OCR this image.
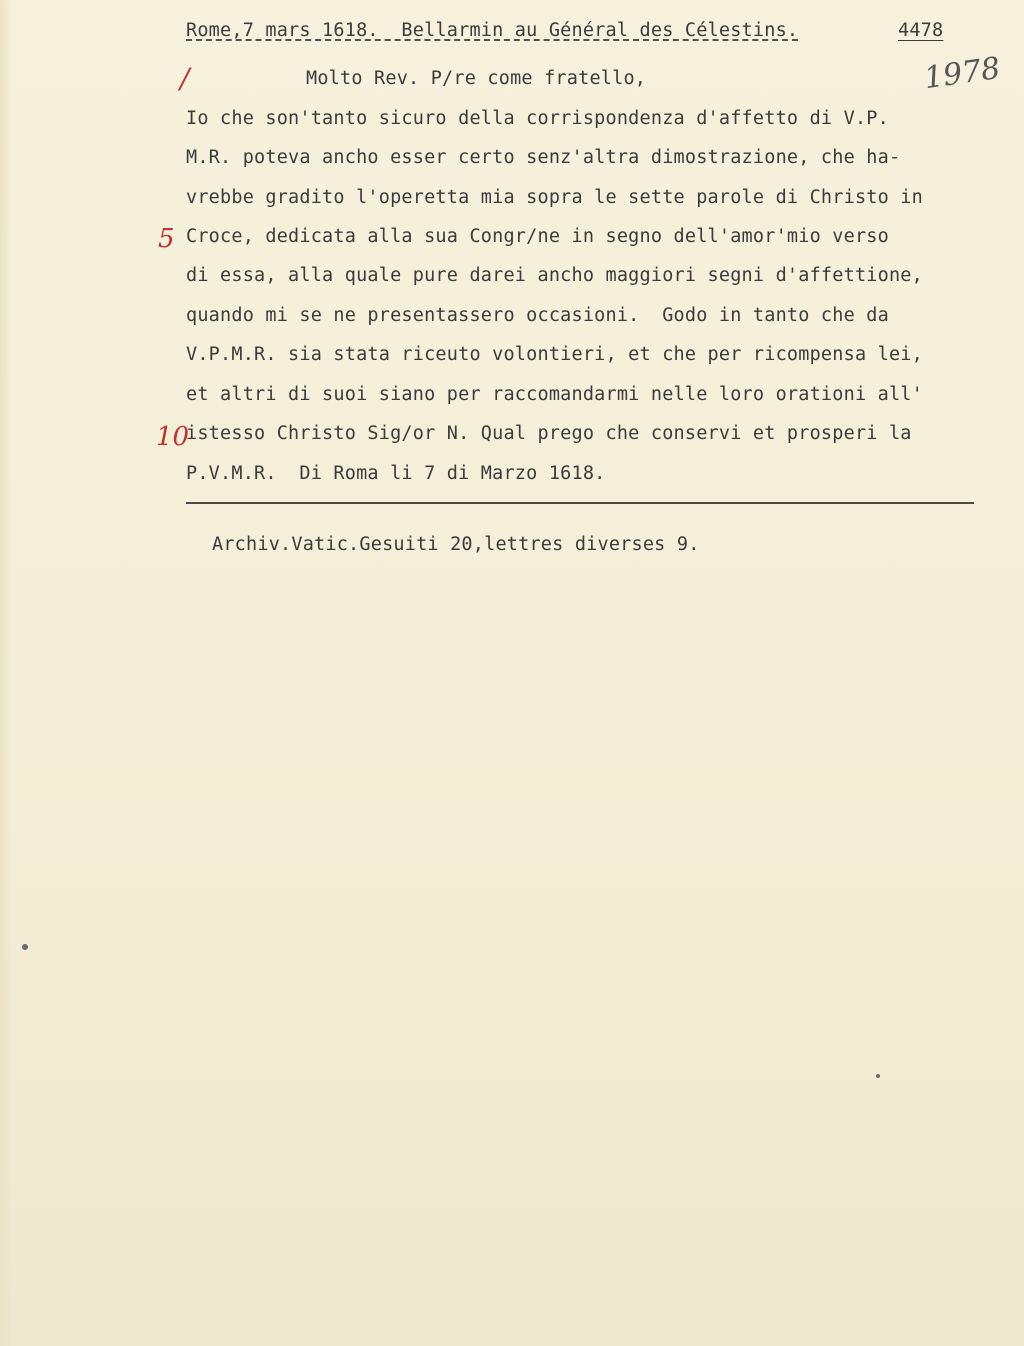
Rome,7 mars 1618.  Bellarmin au Général des Célestins.	4478
1978
/
5
10
Molto Rev. P/re come fratello,
Io che son'tanto sicuro della corrispondenza d'affetto di V.P.
M.R. poteva ancho esser certo senz'altra dimostrazione, che ha-
vrebbe gradito l'operetta mia sopra le sette parole di Christo in
Croce, dedicata alla sua Congr/ne in segno dell'amor'mio verso
di essa, alla quale pure darei ancho maggiori segni d'affettione,
quando mi se ne presentassero occasioni.  Godo in tanto che da
V.P.M.R. sia stata riceuto volontieri, et che per ricompensa lei,
et altri di suoi siano per raccomandarmi nelle loro orationi all'
istesso Christo Sig/or N. Qual prego che conservi et prosperi la
P.V.M.R.  Di Roma li 7 di Marzo 1618.
Archiv.Vatic.Gesuiti 20,lettres diverses 9.
